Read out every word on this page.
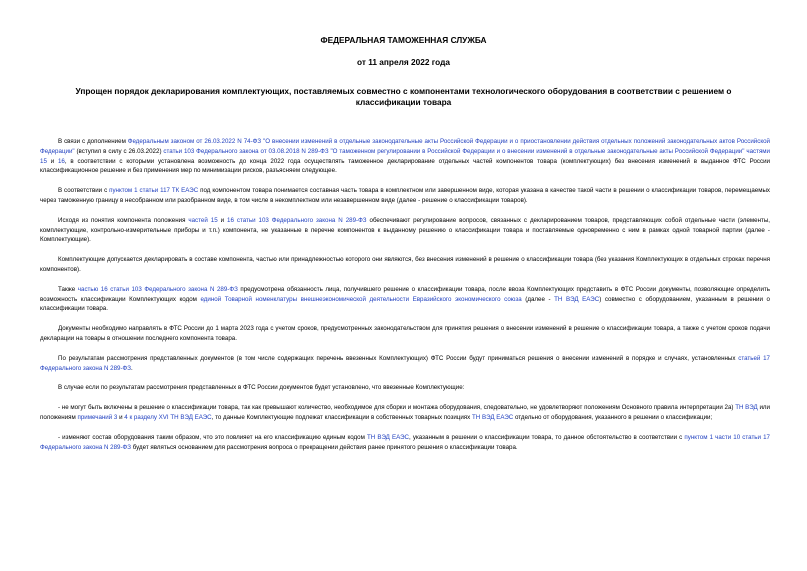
ФЕДЕРАЛЬНАЯ ТАМОЖЕННАЯ СЛУЖБА
от 11 апреля 2022 года
Упрощен порядок декларирования комплектующих, поставляемых совместно с компонентами технологического оборудования в соответствии с решением о классификации товара

В связи с дополнением Федеральным законом от 26.03.2022 N 74-ФЗ "О внесении изменений в отдельные законодательные акты Российской Федерации и о приостановлении действия отдельных положений законодательных актов Российской Федерации" (вступил в силу с 26.03.2022) статьи 103 Федерального закона от 03.08.2018 N 289-ФЗ "О таможенном регулировании в Российской Федерации и о внесении изменений в отдельные законодательные акты Российской Федерации" частями 15 и 16, в соответствии с которыми установлена возможность до конца 2022 года осуществлять таможенное декларирование отдельных частей компонентов товара (комплектующих) без внесения изменений в выданное ФТС России классификационное решение и без применения мер по минимизации рисков, разъясняем следующее.

В соответствии с пунктом 1 статьи 117 ТК ЕАЭС под компонентом товара понимается составная часть товара в комплектном или завершенном виде, которая указана в качестве такой части в решении о классификации товаров, перемещаемых через таможенную границу в несобранном или разобранном виде, в том числе в некомплектном или незавершенном виде (далее - решение о классификации товаров).

Исходя из понятия компонента положения частей 15 и 16 статьи 103 Федерального закона N 289-ФЗ обеспечивают регулирование вопросов, связанных с декларированием товаров, представляющих собой отдельные части (элементы, комплектующие, контрольно-измерительные приборы и т.п.) компонента, не указанные в перечне компонентов к выданному решению о классификации товара и поставляемые одновременно с ним в рамках одной товарной партии (далее - Комплектующие).

Комплектующие допускается декларировать в составе компонента, частью или принадлежностью которого они являются, без внесения изменений в решение о классификации товара (без указания Комплектующих в отдельных строках перечня компонентов).

Также частью 16 статьи 103 Федерального закона N 289-ФЗ предусмотрена обязанность лица, получившего решение о классификации товара, после ввоза Комплектующих представить в ФТС России документы, позволяющие определить возможность классификации Комплектующих кодом единой Товарной номенклатуры внешнеэкономической деятельности Евразийского экономического союза (далее - ТН ВЭД ЕАЭС) совместно с оборудованием, указанным в решении о классификации товара.

Документы необходимо направлять в ФТС России до 1 марта 2023 года с учетом сроков, предусмотренных законодательством для принятия решения о внесении изменений в решение о классификации товара, а также с учетом сроков подачи декларации на товары в отношении последнего компонента товара.

По результатам рассмотрения представленных документов (в том числе содержащих перечень ввезенных Комплектующих) ФТС России будут приниматься решения о внесении изменений в порядке и случаях, установленных статьей 17 Федерального закона N 289-ФЗ.

В случае если по результатам рассмотрения представленных в ФТС России документов будет установлено, что ввезенные Комплектующие:

- не могут быть включены в решение о классификации товара, так как превышают количество, необходимое для сборки и монтажа оборудования, следовательно, не удовлетворяют положениям Основного правила интерпретации 2а) ТН ВЭД или положениям примечаний 3 и 4 к разделу XVI ТН ВЭД ЕАЭС, то данные Комплектующие подлежат классификации в собственных товарных позициях ТН ВЭД ЕАЭС отдельно от оборудования, указанного в решении о классификации;

- изменяют состав оборудования таким образом, что это повлияет на его классификацию единым кодом ТН ВЭД ЕАЭС, указанным в решении о классификации товара, то данное обстоятельство в соответствии с пунктом 1 части 10 статьи 17 Федерального закона N 289-ФЗ будет являться основанием для рассмотрения вопроса о прекращении действия ранее принятого решения о классификации товара.
